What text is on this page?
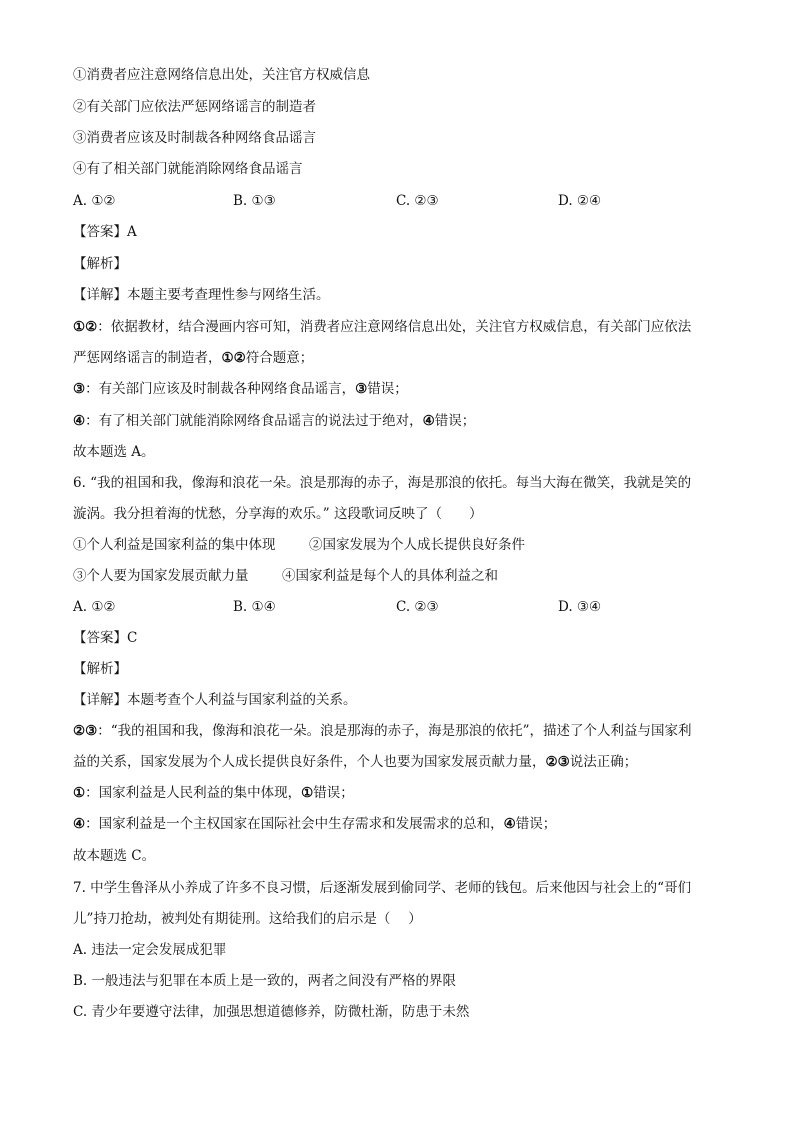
①消费者应注意网络信息出处，关注官方权威信息
②有关部门应依法严惩网络谣言的制造者
③消费者应该及时制裁各种网络食品谣言
④有了相关部门就能消除网络食品谣言
A. ①②	B. ①③	C. ②③	D. ②④
【答案】A
【解析】
【详解】本题主要考查理性参与网络生活。
①②：依据教材，结合漫画内容可知，消费者应注意网络信息出处，关注官方权威信息，有关部门应依法
严惩网络谣言的制造者，①②符合题意；
③：有关部门应该及时制裁各种网络食品谣言，③错误；
④：有了相关部门就能消除网络食品谣言的说法过于绝对，④错误；
故本题选 A。
6. “我的祖国和我，像海和浪花一朵。浪是那海的赤子，海是那浪的依托。每当大海在微笑，我就是笑的
漩涡。我分担着海的忧愁，分享海的欢乐。” 这段歌词反映了（　　）
①个人利益是国家利益的集中体现 ②国家发展为个人成长提供良好条件
③个人要为国家发展贡献力量 ④国家利益是每个人的具体利益之和
A. ①②	B. ①④	C. ②③	D. ③④
【答案】C
【解析】
【详解】本题考查个人利益与国家利益的关系。
②③：“我的祖国和我，像海和浪花一朵。浪是那海的赤子，海是那浪的依托”，描述了个人利益与国家利
益的关系，国家发展为个人成长提供良好条件，个人也要为国家发展贡献力量，②③说法正确；
①：国家利益是人民利益的集中体现，①错误；
④：国家利益是一个主权国家在国际社会中生存需求和发展需求的总和，④错误；
故本题选 C。
7. 中学生鲁泽从小养成了许多不良习惯，后逐渐发展到偷同学、老师的钱包。后来他因与社会上的“哥们
儿”持刀抢劫，被判处有期徒刑。这给我们的启示是（　 ）
A. 违法一定会发展成犯罪
B. 一般违法与犯罪在本质上是一致的，两者之间没有严格的界限
C. 青少年要遵守法律，加强思想道德修养，防微杜渐，防患于未然
